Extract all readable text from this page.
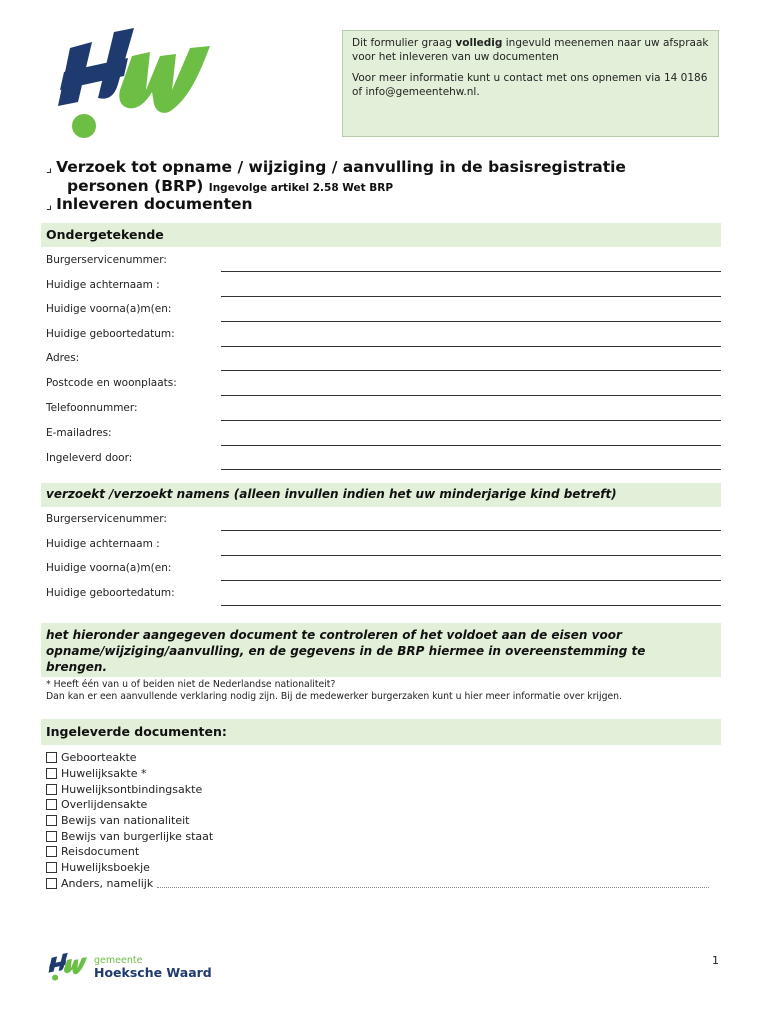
Dit formulier graag volledig ingevuld meenemen naar uw afspraak voor het inleveren van uw documenten

Voor meer informatie kunt u contact met ons opnemen via 14 0186 of info@gemeentehw.nl.

⌟ Verzoek tot opname / wijziging / aanvulling in de basisregistratie
personen (BRP) Ingevolge artikel 2.58 Wet BRP
⌟ Inleveren documenten
Ondergetekende
Burgerservicenummer:
Huidige achternaam :
Huidige voorna(a)m(en:
Huidige geboortedatum:
Adres:
Postcode en woonplaats:
Telefoonnummer:
E-mailadres:
Ingeleverd door:
verzoekt /verzoekt namens (alleen invullen indien het uw minderjarige kind betreft)
Burgerservicenummer:
Huidige achternaam :
Huidige voorna(a)m(en:
Huidige geboortedatum:
het hieronder aangegeven document te controleren of het voldoet aan de eisen voor opname/wijziging/aanvulling, en de gegevens in de BRP hiermee in overeenstemming te brengen.
* Heeft één van u of beiden niet de Nederlandse nationaliteit?
Dan kan er een aanvullende verklaring nodig zijn. Bij de medewerker burgerzaken kunt u hier meer informatie over krijgen.
Ingeleverde documenten:
Geboorteakte
Huwelijksakte *
Huwelijksontbindingsakte
Overlijdensakte
Bewijs van nationaliteit
Bewijs van burgerlijke staat
Reisdocument
Huwelijksboekje
Anders, namelijk
gemeente
Hoeksche Waard
1
